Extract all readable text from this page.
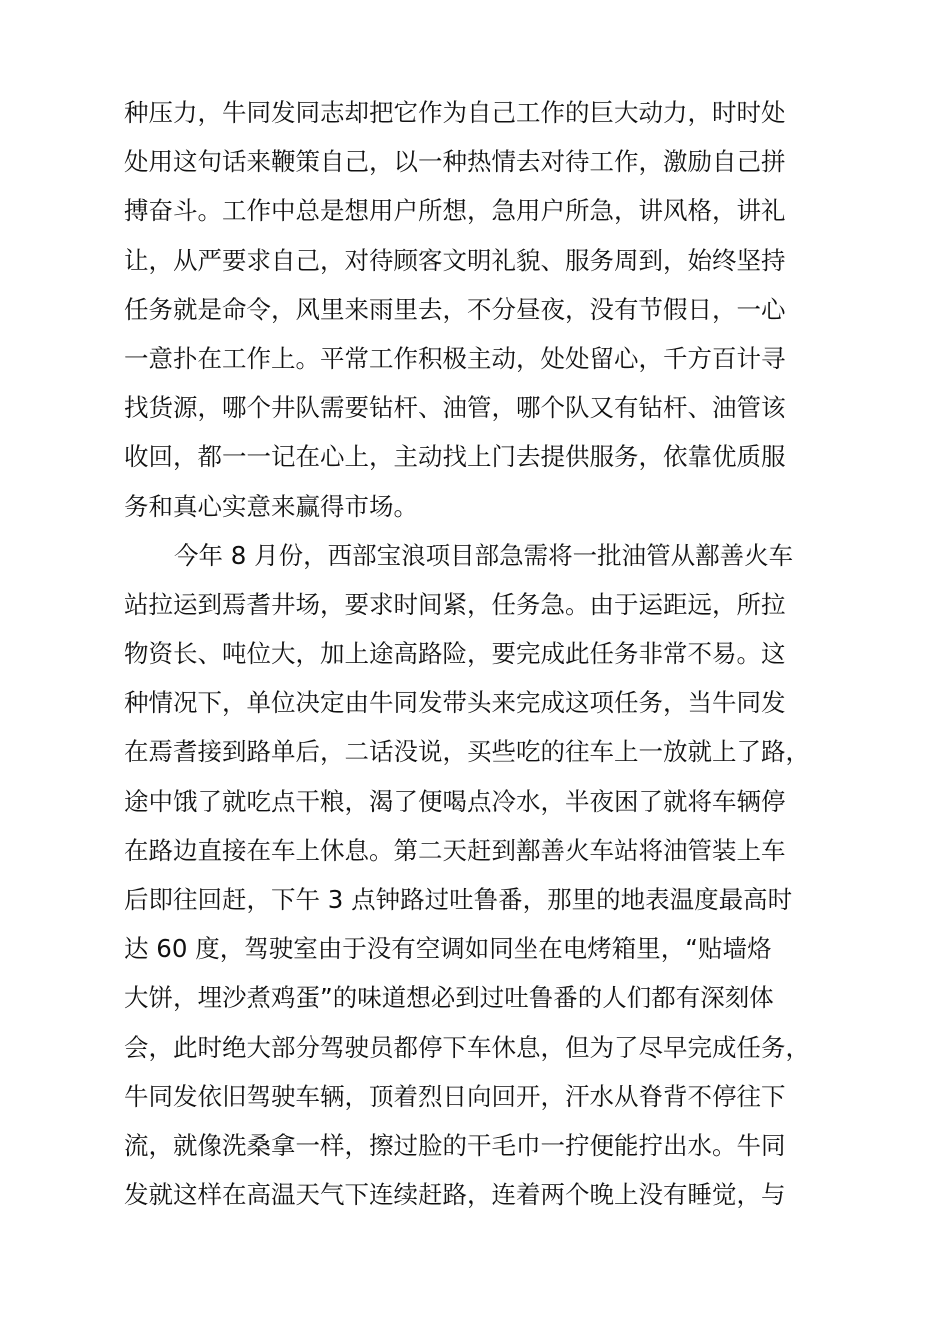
种压力，牛同发同志却把它作为自己工作的巨大动力，时时处
处用这句话来鞭策自己，以一种热情去对待工作，激励自己拼
搏奋斗。工作中总是想用户所想，急用户所急，讲风格，讲礼
让，从严要求自己，对待顾客文明礼貌、服务周到，始终坚持
任务就是命令，风里来雨里去，不分昼夜，没有节假日，一心
一意扑在工作上。平常工作积极主动，处处留心，千方百计寻
找货源，哪个井队需要钻杆、油管，哪个队又有钻杆、油管该
收回，都一一记在心上，主动找上门去提供服务，依靠优质服
务和真心实意来赢得市场。
今年 8 月份，西部宝浪项目部急需将一批油管从鄯善火车
站拉运到焉耆井场，要求时间紧，任务急。由于运距远，所拉
物资长、吨位大，加上途高路险，要完成此任务非常不易。这
种情况下，单位决定由牛同发带头来完成这项任务，当牛同发
在焉耆接到路单后，二话没说，买些吃的往车上一放就上了路，
途中饿了就吃点干粮，渴了便喝点冷水，半夜困了就将车辆停
在路边直接在车上休息。第二天赶到鄯善火车站将油管装上车
后即往回赶，下午 3 点钟路过吐鲁番，那里的地表温度最高时
达 60 度，驾驶室由于没有空调如同坐在电烤箱里，“贴墙烙
大饼，埋沙煮鸡蛋”的味道想必到过吐鲁番的人们都有深刻体
会，此时绝大部分驾驶员都停下车休息，但为了尽早完成任务，
牛同发依旧驾驶车辆，顶着烈日向回开，汗水从脊背不停往下
流，就像洗桑拿一样，擦过脸的干毛巾一拧便能拧出水。牛同
发就这样在高温天气下连续赶路，连着两个晚上没有睡觉，与
